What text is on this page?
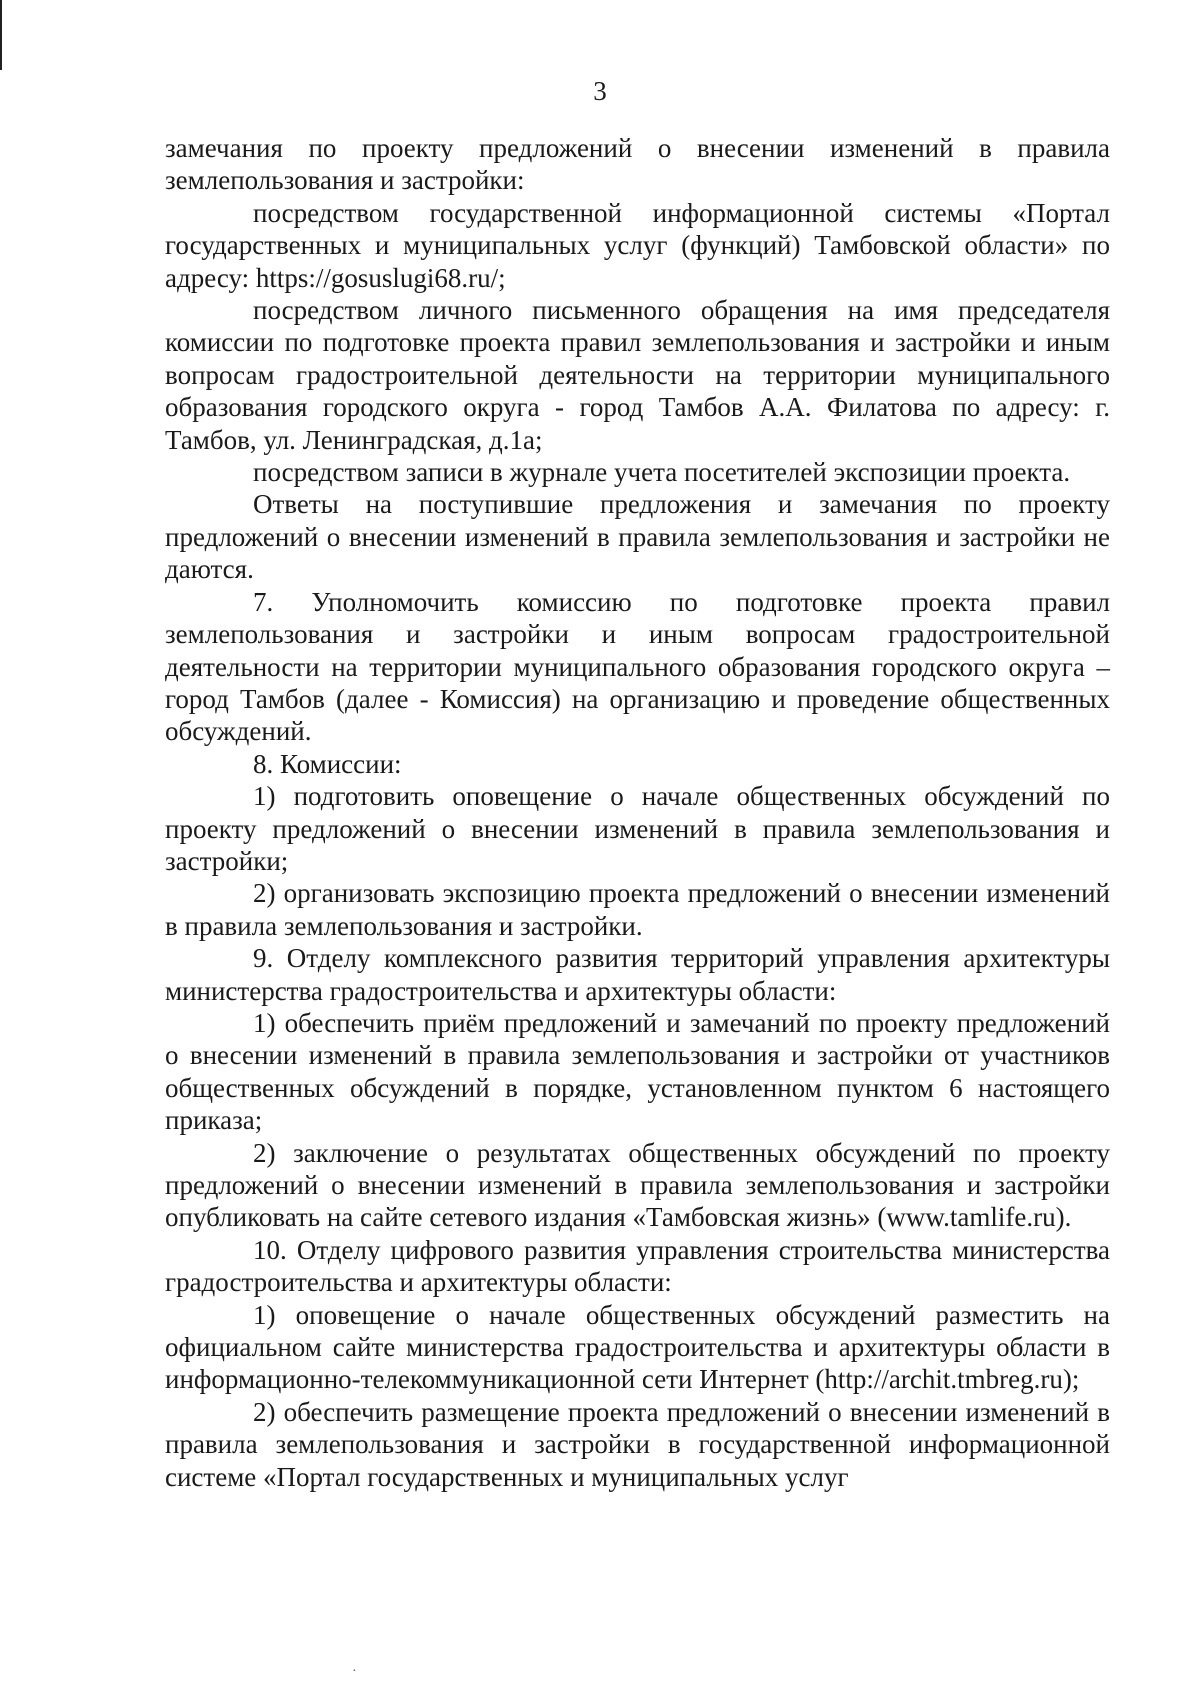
3

замечания по проекту предложений о внесении изменений в правила землепользования и застройки:

посредством государственной информационной системы «Портал государственных и муниципальных услуг (функций) Тамбовской области» по адресу: https://gosuslugi68.ru/;

посредством личного письменного обращения на имя председателя комиссии по подготовке проекта правил землепользования и застройки и иным вопросам градостроительной деятельности на территории муниципального образования городского округа - город Тамбов А.А. Филатова по адресу: г. Тамбов, ул. Ленинградская, д.1а;

посредством записи в журнале учета посетителей экспозиции проекта.

Ответы на поступившие предложения и замечания по проекту предложений о внесении изменений в правила землепользования и застройки не даются.

7. Уполномочить комиссию по подготовке проекта правил землепользования и застройки и иным вопросам градостроительной деятельности на территории муниципального образования городского округа – город Тамбов (далее - Комиссия) на организацию и проведение общественных обсуждений.

8. Комиссии:

1) подготовить оповещение о начале общественных обсуждений по проекту предложений о внесении изменений в правила землепользования и застройки;

2) организовать экспозицию проекта предложений о внесении изменений в правила землепользования и застройки.

9. Отделу комплексного развития территорий управления архитектуры министерства градостроительства и архитектуры области:

1) обеспечить приём предложений и замечаний по проекту предложений о внесении изменений в правила землепользования и застройки от участников общественных обсуждений в порядке, установленном пунктом 6 настоящего приказа;

2) заключение о результатах общественных обсуждений по проекту предложений о внесении изменений в правила землепользования и застройки опубликовать на сайте сетевого издания «Тамбовская жизнь» (www.tamlife.ru).

10. Отделу цифрового развития управления строительства министерства градостроительства и архитектуры области:

1) оповещение о начале общественных обсуждений разместить на официальном сайте министерства градостроительства и архитектуры области в информационно-телекоммуникационной сети Интернет (http://archit.tmbreg.ru);

2) обеспечить размещение проекта предложений о внесении изменений в правила землепользования и застройки в государственной информационной системе «Портал государственных и муниципальных услуг

·
